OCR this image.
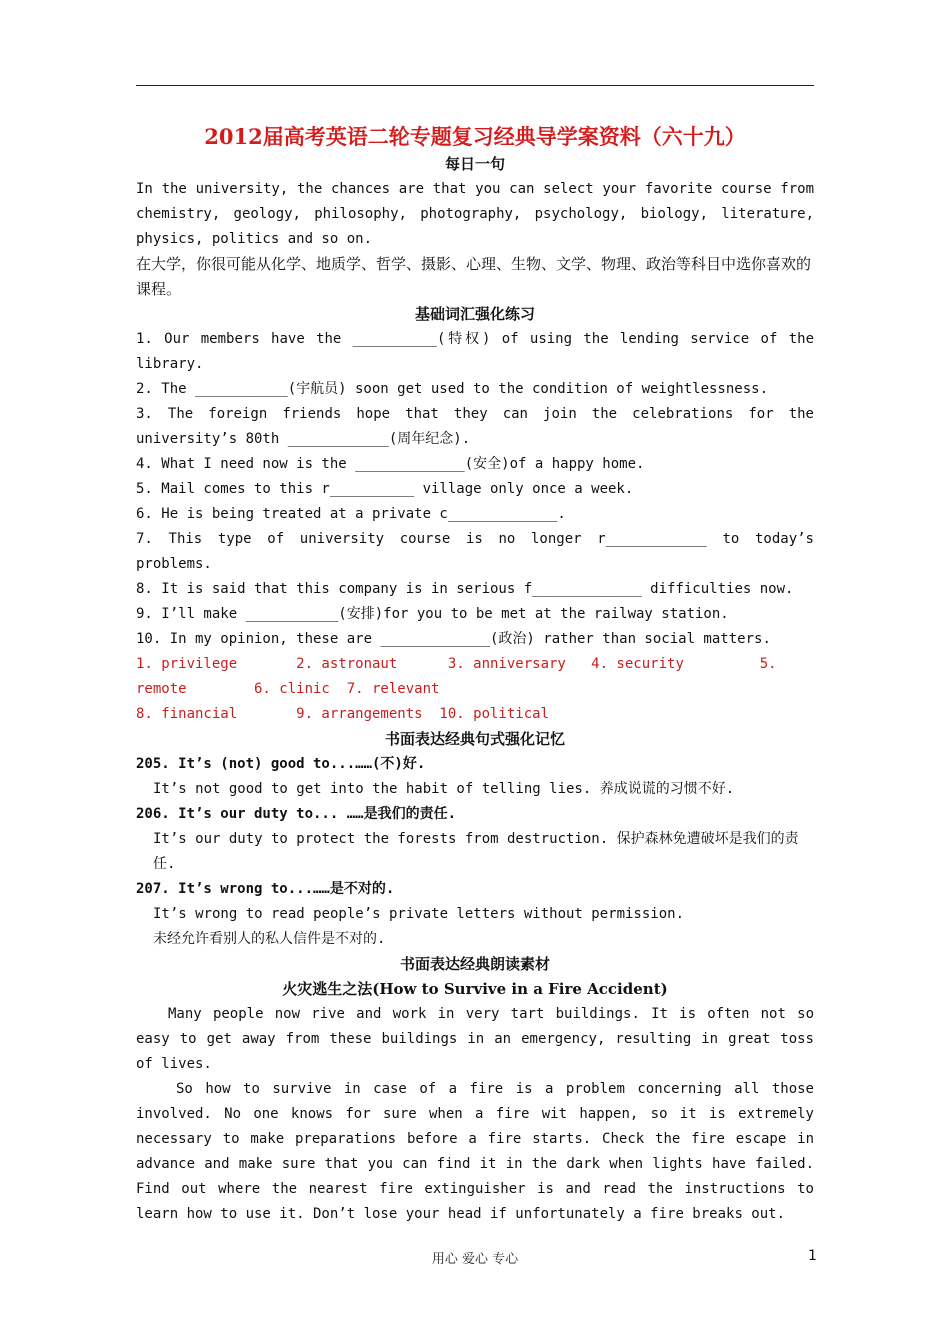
2012届高考英语二轮专题复习经典导学案资料（六十九）

每日一句

In the university, the chances are that you can select your favorite course from chemistry, geology, philosophy, photography, psychology, biology, literature, physics, politics and so on.

在大学，你很可能从化学、地质学、哲学、摄影、心理、生物、文学、物理、政治等科目中选你喜欢的课程。

基础词汇强化练习

1. Our members have the __________(特权) of using the lending service of the library.

2. The ___________(宇航员) soon get used to the condition of weightlessness.

3. The foreign friends hope that they can join the celebrations for the university’s 80th ____________(周年纪念).

4. What I need now is the _____________(安全)of a happy home.

5. Mail comes to this r__________ village only once a week.

6. He is being treated at a private c_____________.

7. This type of university course is no longer r____________ to today’s problems.

8. It is said that this company is in serious f_____________ difficulties now.

9. I’ll make ___________(安排)for you to be met at the railway station.

10. In my opinion, these are _____________(政治) rather than social matters.

1. privilege       2. astronaut      3. anniversary   4. security         5.

remote        6. clinic  7. relevant

8. financial       9. arrangements  10. political

书面表达经典句式强化记忆

205. It’s (not) good to...……(不)好.

It’s not good to get into the habit of telling lies. 养成说谎的习惯不好.

206. It’s our duty to... ……是我们的责任.

It’s our duty to protect the forests from destruction. 保护森林免遭破坏是我们的责任.

207. It’s wrong to...……是不对的.

It’s wrong to read people’s private letters without permission.

未经允许看别人的私人信件是不对的.

书面表达经典朗读素材

火灾逃生之法(How to Survive in a Fire Accident)

Many people now rive and work in very tart buildings. It is often not so easy to get away from these buildings in an emergency, resulting in great toss of lives.

So how to survive in case of a fire is a problem concerning all those involved. No one knows for sure when a fire wit happen, so it is extremely necessary to make preparations before a fire starts. Check the fire escape in advance and make sure that you can find it in the dark when lights have failed. Find out where the nearest fire extinguisher is and read the instructions to learn how to use it. Don’t lose your head if unfortunately a fire breaks out.

用心 爱心 专心	1
